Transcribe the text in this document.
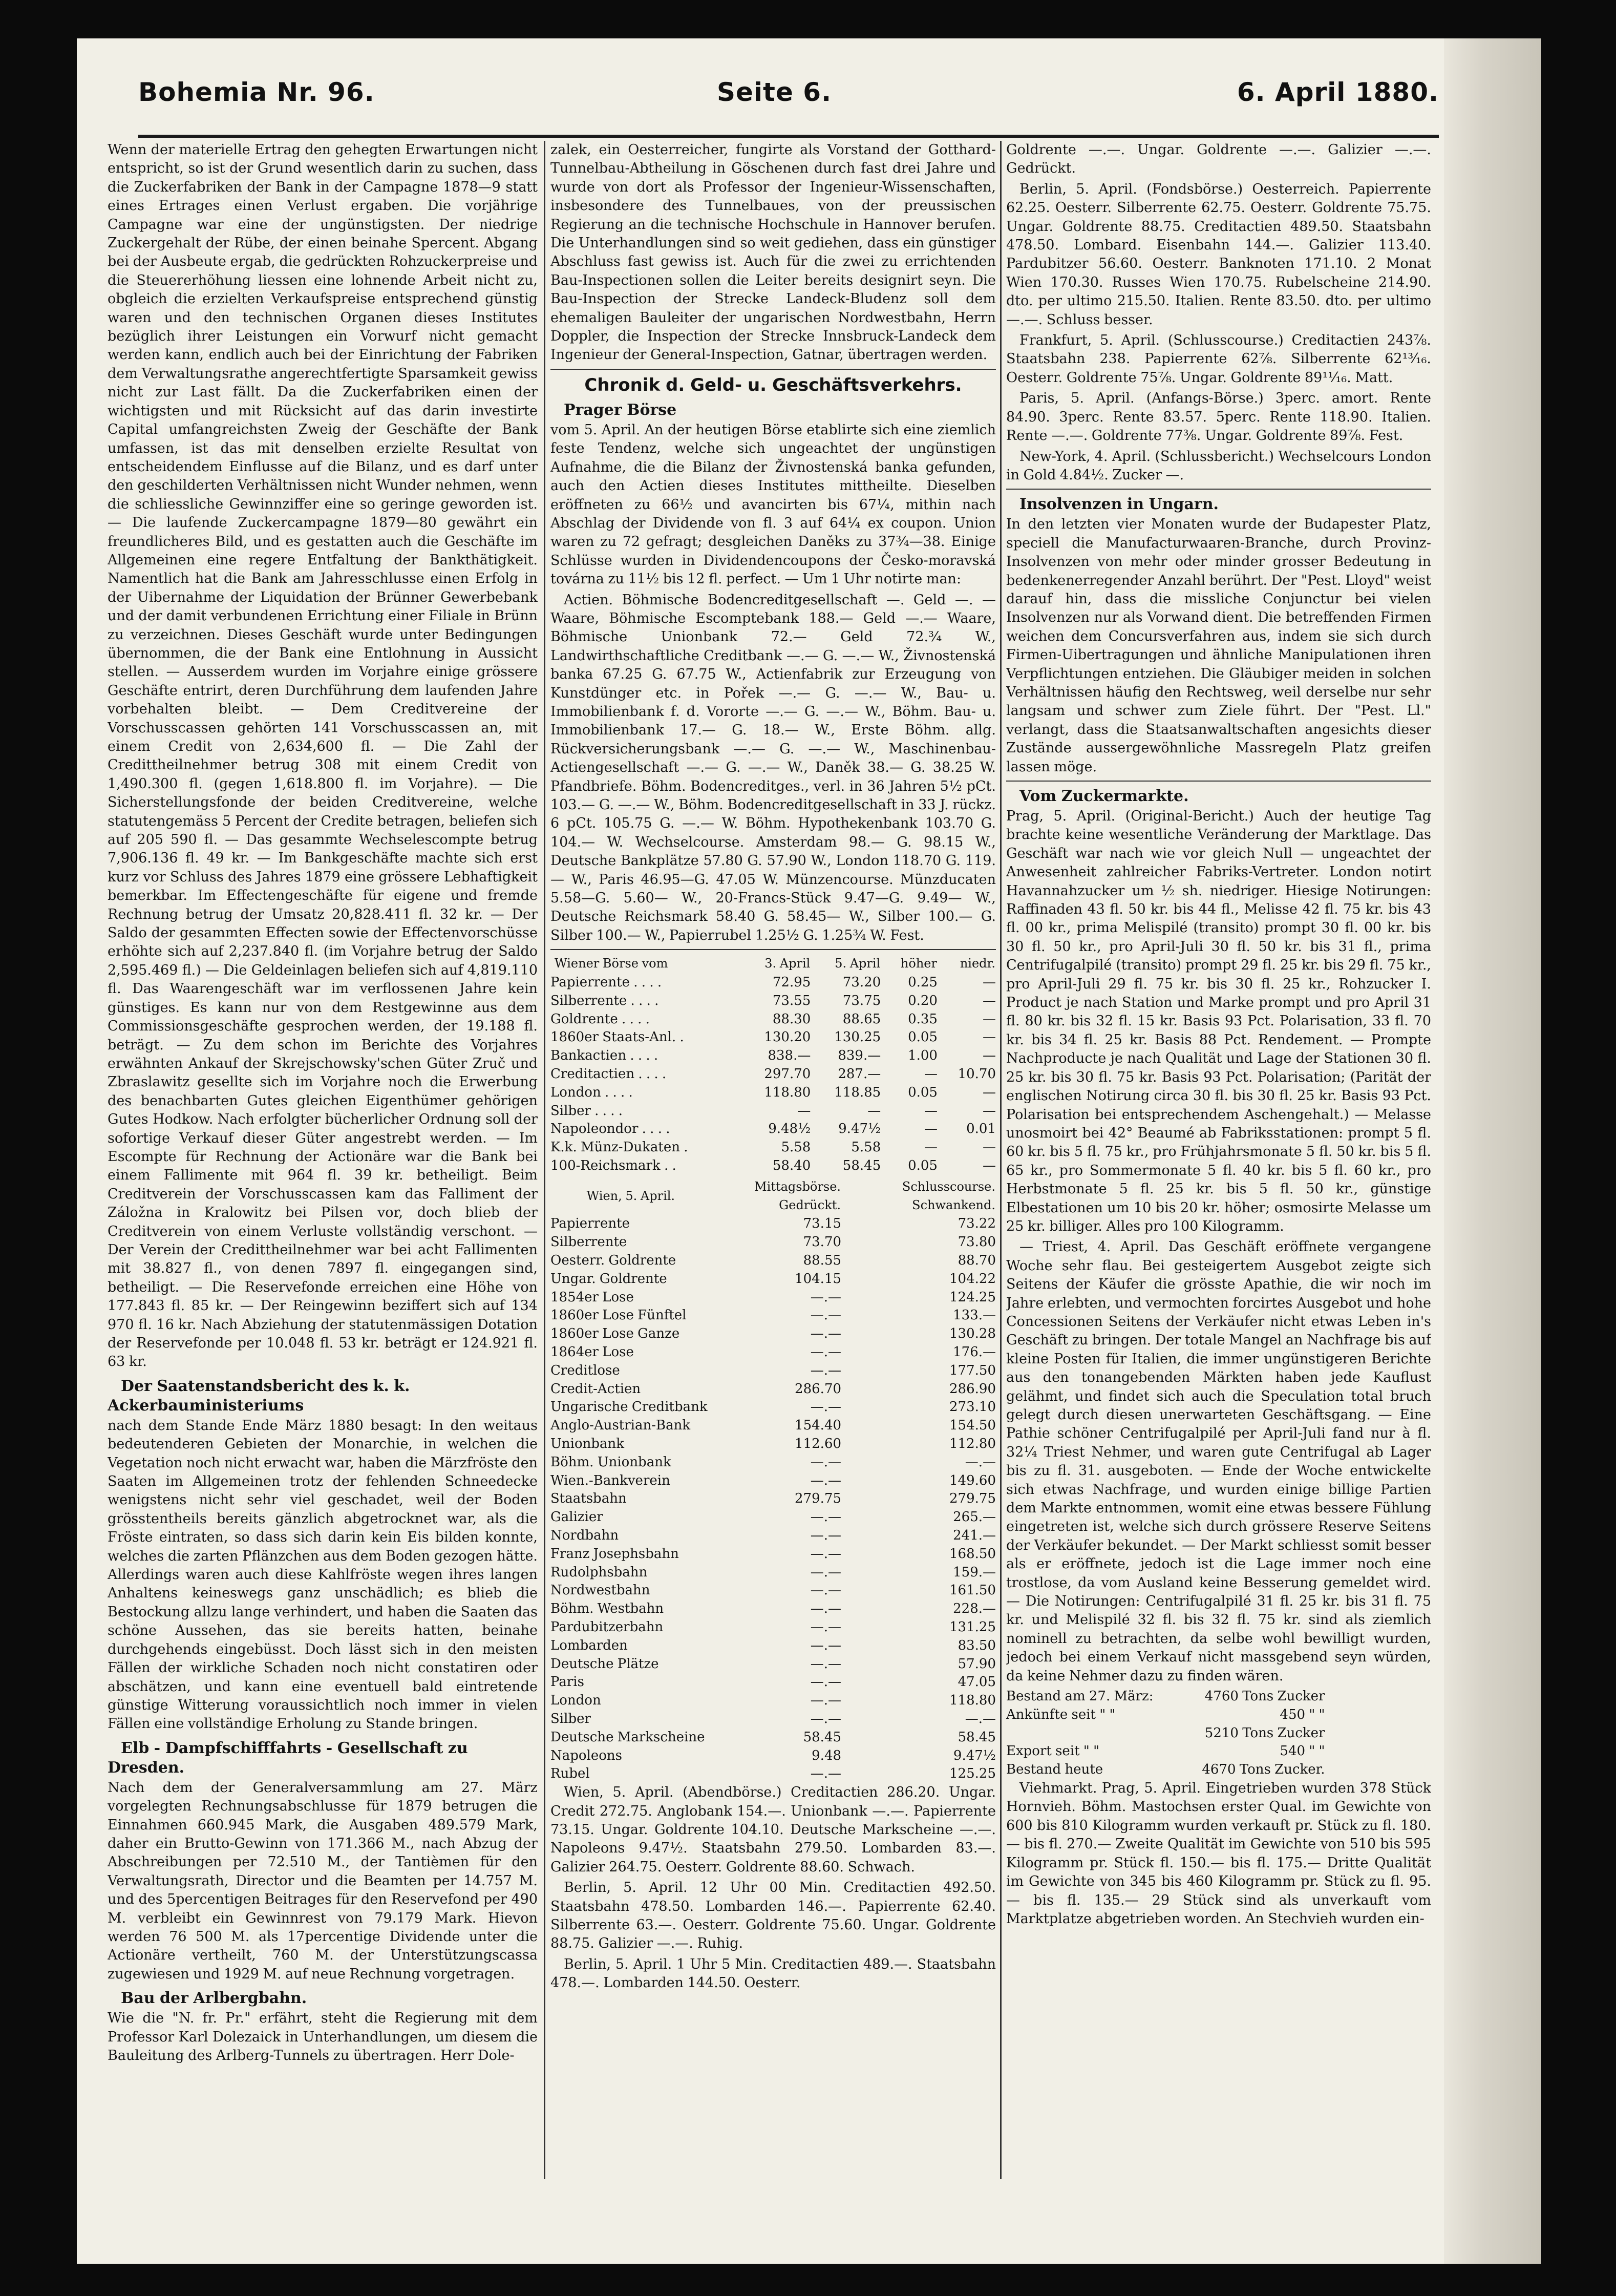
Bohemia Nr. 96.	Seite 6.	6. April 1880.

Wenn der materielle Ertrag den gehegten Erwartungen nicht entspricht, so ist der Grund wesentlich darin zu suchen, dass die Zuckerfabriken der Bank in der Campagne 1878—9 statt eines Ertrages einen Verlust ergaben. Die vorjährige Campagne war eine der ungünstigsten. Der niedrige Zuckergehalt der Rübe, der einen beinahe Spercent. Abgang bei der Ausbeute ergab, die gedrückten Rohzuckerpreise und die Steuererhöhung liessen eine lohnende Arbeit nicht zu, obgleich die erzielten Verkaufspreise entsprechend günstig waren und den technischen Organen dieses Institutes bezüglich ihrer Leistungen ein Vorwurf nicht gemacht werden kann, endlich auch bei der Einrichtung der Fabriken dem Verwaltungsrathe angerechtfertigte Sparsamkeit gewiss nicht zur Last fällt. Da die Zuckerfabriken einen der wichtigsten und mit Rücksicht auf das darin investirte Capital umfangreichsten Zweig der Geschäfte der Bank umfassen, ist das mit denselben erzielte Resultat von entscheidendem Einflusse auf die Bilanz, und es darf unter den geschilderten Verhältnissen nicht Wunder nehmen, wenn die schliessliche Gewinnziffer eine so geringe geworden ist. — Die laufende Zuckercampagne 1879—80 gewährt ein freundlicheres Bild, und es gestatten auch die Geschäfte im Allgemeinen eine regere Entfaltung der Bankthätigkeit. Namentlich hat die Bank am Jahresschlusse einen Erfolg in der Uibernahme der Liquidation der Brünner Gewerbebank und der damit verbundenen Errichtung einer Filiale in Brünn zu verzeichnen. Dieses Geschäft wurde unter Bedingungen übernommen, die der Bank eine Entlohnung in Aussicht stellen. — Ausserdem wurden im Vorjahre einige grössere Geschäfte entrirt, deren Durchführung dem laufenden Jahre vorbehalten bleibt. — Dem Creditvereine der Vorschusscassen gehörten 141 Vorschusscassen an, mit einem Credit von 2,634,600 fl. — Die Zahl der Credittheilnehmer betrug 308 mit einem Credit von 1,490.300 fl. (gegen 1,618.800 fl. im Vorjahre). — Die Sicherstellungsfonde der beiden Creditvereine, welche statutengemäss 5 Percent der Credite betragen, beliefen sich auf 205 590 fl. — Das gesammte Wechselescompte betrug 7,906.136 fl. 49 kr. — Im Bankgeschäfte machte sich erst kurz vor Schluss des Jahres 1879 eine grössere Lebhaftigkeit bemerkbar. Im Effectengeschäfte für eigene und fremde Rechnung betrug der Umsatz 20,828.411 fl. 32 kr. — Der Saldo der gesammten Effecten sowie der Effectenvorschüsse erhöhte sich auf 2,237.840 fl. (im Vorjahre betrug der Saldo 2,595.469 fl.) — Die Geldeinlagen beliefen sich auf 4,819.110 fl. Das Waarengeschäft war im verflossenen Jahre kein günstiges. Es kann nur von dem Restgewinne aus dem Commissionsgeschäfte gesprochen werden, der 19.188 fl. beträgt. — Zu dem schon im Berichte des Vorjahres erwähnten Ankauf der Skrejschowsky'schen Güter Zruč und Zbraslawitz gesellte sich im Vorjahre noch die Erwerbung des benachbarten Gutes gleichen Eigenthümer gehörigen Gutes Hodkow. Nach erfolgter bücherlicher Ordnung soll der sofortige Verkauf dieser Güter angestrebt werden. — Im Escompte für Rechnung der Actionäre war die Bank bei einem Fallimente mit 964 fl. 39 kr. betheiligt. Beim Creditverein der Vorschusscassen kam das Falliment der Záložna in Kralowitz bei Pilsen vor, doch blieb der Creditverein von einem Verluste vollständig verschont. — Der Verein der Credittheilnehmer war bei acht Fallimenten mit 38.827 fl., von denen 7897 fl. eingegangen sind, betheiligt. — Die Reservefonde erreichen eine Höhe von 177.843 fl. 85 kr. — Der Reingewinn beziffert sich auf 134 970 fl. 16 kr. Nach Abziehung der statutenmässigen Dotation der Reservefonde per 10.048 fl. 53 kr. beträgt er 124.921 fl. 63 kr.

Der Saatenstandsbericht des k. k. Ackerbauministeriums

nach dem Stande Ende März 1880 besagt: In den weitaus bedeutenderen Gebieten der Monarchie, in welchen die Vegetation noch nicht erwacht war, haben die Märzfröste den Saaten im Allgemeinen trotz der fehlenden Schneedecke wenigstens nicht sehr viel geschadet, weil der Boden grösstentheils bereits gänzlich abgetrocknet war, als die Fröste eintraten, so dass sich darin kein Eis bilden konnte, welches die zarten Pflänzchen aus dem Boden gezogen hätte. Allerdings waren auch diese Kahlfröste wegen ihres langen Anhaltens keineswegs ganz unschädlich; es blieb die Bestockung allzu lange verhindert, und haben die Saaten das schöne Aussehen, das sie bereits hatten, beinahe durchgehends eingebüsst. Doch lässt sich in den meisten Fällen der wirkliche Schaden noch nicht constatiren oder abschätzen, und kann eine eventuell bald eintretende günstige Witterung voraussichtlich noch immer in vielen Fällen eine vollständige Erholung zu Stande bringen.

Elb - Dampfschifffahrts - Gesellschaft zu Dresden.

Nach dem der Generalversammlung am 27. März vorgelegten Rechnungsabschlusse für 1879 betrugen die Einnahmen 660.945 Mark, die Ausgaben 489.579 Mark, daher ein Brutto-Gewinn von 171.366 M., nach Abzug der Abschreibungen per 72.510 M., der Tantièmen für den Verwaltungsrath, Director und die Beamten per 14.757 M. und des 5percentigen Beitrages für den Reservefond per 490 M. verbleibt ein Gewinnrest von 79.179 Mark. Hievon werden 76 500 M. als 17percentige Dividende unter die Actionäre vertheilt, 760 M. der Unterstützungscassa zugewiesen und 1929 M. auf neue Rechnung vorgetragen.

Bau der Arlbergbahn.

Wie die "N. fr. Pr." erfährt, steht die Regierung mit dem Professor Karl Dolezaick in Unterhandlungen, um diesem die Bauleitung des Arlberg-Tunnels zu übertragen. Herr Dole-

zalek, ein Oesterreicher, fungirte als Vorstand der Gotthard-Tunnelbau-Abtheilung in Göschenen durch fast drei Jahre und wurde von dort als Professor der Ingenieur-Wissenschaften, insbesondere des Tunnelbaues, von der preussischen Regierung an die technische Hochschule in Hannover berufen. Die Unterhandlungen sind so weit gediehen, dass ein günstiger Abschluss fast gewiss ist. Auch für die zwei zu errichtenden Bau-Inspectionen sollen die Leiter bereits designirt seyn. Die Bau-Inspection der Strecke Landeck-Bludenz soll dem ehemaligen Bauleiter der ungarischen Nordwestbahn, Herrn Doppler, die Inspection der Strecke Innsbruck-Landeck dem Ingenieur der General-Inspection, Gatnar, übertragen werden.

Chronik d. Geld- u. Geschäftsverkehrs.
Prager Börse

vom 5. April. An der heutigen Börse etablirte sich eine ziemlich feste Tendenz, welche sich ungeachtet der ungünstigen Aufnahme, die die Bilanz der Živnostenská banka gefunden, auch den Actien dieses Institutes mittheilte. Dieselben eröffneten zu 66½ und avancirten bis 67¼, mithin nach Abschlag der Dividende von fl. 3 auf 64¼ ex coupon. Union waren zu 72 gefragt; desgleichen Daněks zu 37¾—38. Einige Schlüsse wurden in Dividendencoupons der Česko-moravská továrna zu 11½ bis 12 fl. perfect. — Um 1 Uhr notirte man:

Actien. Böhmische Bodencreditgesellschaft —. Geld —. — Waare, Böhmische Escomptebank 188.— Geld —.— Waare, Böhmische Unionbank 72.— Geld 72.¾ W., Landwirthschaftliche Creditbank —.— G. —.— W., Živnostenská banka 67.25 G. 67.75 W., Actienfabrik zur Erzeugung von Kunstdünger etc. in Pořek —.— G. —.— W., Bau- u. Immobilienbank f. d. Vororte —.— G. —.— W., Böhm. Bau- u. Immobilienbank 17.— G. 18.— W., Erste Böhm. allg. Rückversicherungsbank —.— G. —.— W., Maschinenbau-Actiengesellschaft —.— G. —.— W., Daněk 38.— G. 38.25 W. Pfandbriefe. Böhm. Bodencreditges., verl. in 36 Jahren 5½ pCt. 103.— G. —.— W., Böhm. Bodencreditgesellschaft in 33 J. rückz. 6 pCt. 105.75 G. —.— W. Böhm. Hypothekenbank 103.70 G. 104.— W. Wechselcourse. Amsterdam 98.— G. 98.15 W., Deutsche Bankplätze 57.80 G. 57.90 W., London 118.70 G. 119.— W., Paris 46.95—G. 47.05 W. Münzencourse. Münzducaten 5.58—G. 5.60— W., 20-Francs-Stück 9.47—G. 9.49— W., Deutsche Reichsmark 58.40 G. 58.45— W., Silber 100.— G. Silber 100.— W., Papierrubel 1.25½ G. 1.25¾ W. Fest.

Wiener Börse vom	3. April	5. April	höher	niedr.
Papierrente . . . .	72.95	73.20	0.25	—
Silberrente . . . .	73.55	73.75	0.20	—
Goldrente . . . .	88.30	88.65	0.35	—
1860er Staats-Anl. .	130.20	130.25	0.05	—
Bankactien . . . .	838.—	839.—	1.00	—
Creditactien . . . .	297.70	287.—	—	10.70
London . . . .	118.80	118.85	0.05	—
Silber . . . .	—	—	—	—
Napoleondor . . . .	9.48½	9.47½	—	0.01
K.k. Münz-Dukaten .	5.58	5.58	—	—
100-Reichsmark . .	58.40	58.45	0.05	—
Wien, 5. April.	Mittagsbörse. Gedrückt.	Schlusscourse. Schwankend.
Papierrente	73.15	73.22
Silberrente	73.70	73.80
Oesterr. Goldrente	88.55	88.70
Ungar. Goldrente	104.15	104.22
1854er Lose	—.—	124.25
1860er Lose Fünftel	—.—	133.—
1860er Lose Ganze	—.—	130.28
1864er Lose	—.—	176.—
Creditlose	—.—	177.50
Credit-Actien	286.70	286.90
Ungarische Creditbank	—.—	273.10
Anglo-Austrian-Bank	154.40	154.50
Unionbank	112.60	112.80
Böhm. Unionbank	—.—	—.—
Wien.-Bankverein	—.—	149.60
Staatsbahn	279.75	279.75
Galizier	—.—	265.—
Nordbahn	—.—	241.—
Franz Josephsbahn	—.—	168.50
Rudolphsbahn	—.—	159.—
Nordwestbahn	—.—	161.50
Böhm. Westbahn	—.—	228.—
Pardubitzerbahn	—.—	131.25
Lombarden	—.—	83.50
Deutsche Plätze	—.—	57.90
Paris	—.—	47.05
London	—.—	118.80
Silber	—.—	—.—
Deutsche Markscheine	58.45	58.45
Napoleons	9.48	9.47½
Rubel	—.—	125.25

Wien, 5. April. (Abendbörse.) Creditactien 286.20. Ungar. Credit 272.75. Anglobank 154.—. Unionbank —.—. Papierrente 73.15. Ungar. Goldrente 104.10. Deutsche Markscheine —.—. Napoleons 9.47½. Staatsbahn 279.50. Lombarden 83.—. Galizier 264.75. Oesterr. Goldrente 88.60. Schwach.

Berlin, 5. April. 12 Uhr 00 Min. Creditactien 492.50. Staatsbahn 478.50. Lombarden 146.—. Papierrente 62.40. Silberrente 63.—. Oesterr. Goldrente 75.60. Ungar. Goldrente 88.75. Galizier —.—. Ruhig.

Berlin, 5. April. 1 Uhr 5 Min. Creditactien 489.—. Staatsbahn 478.—. Lombarden 144.50. Oesterr.

Goldrente —.—. Ungar. Goldrente —.—. Galizier —.—. Gedrückt.

Berlin, 5. April. (Fondsbörse.) Oesterreich. Papierrente 62.25. Oesterr. Silberrente 62.75. Oesterr. Goldrente 75.75. Ungar. Goldrente 88.75. Creditactien 489.50. Staatsbahn 478.50. Lombard. Eisenbahn 144.—. Galizier 113.40. Pardubitzer 56.60. Oesterr. Banknoten 171.10. 2 Monat Wien 170.30. Russes Wien 170.75. Rubelscheine 214.90. dto. per ultimo 215.50. Italien. Rente 83.50. dto. per ultimo —.—. Schluss besser.

Frankfurt, 5. April. (Schlusscourse.) Creditactien 243⅞. Staatsbahn 238. Papierrente 62⅞. Silberrente 62¹³⁄₁₆. Oesterr. Goldrente 75⅞. Ungar. Goldrente 89¹¹⁄₁₆. Matt.

Paris, 5. April. (Anfangs-Börse.) 3perc. amort. Rente 84.90. 3perc. Rente 83.57. 5perc. Rente 118.90. Italien. Rente —.—. Goldrente 77⅜. Ungar. Goldrente 89⅞. Fest.

New-York, 4. April. (Schlussbericht.) Wechselcours London in Gold 4.84½. Zucker —.

Insolvenzen in Ungarn.

In den letzten vier Monaten wurde der Budapester Platz, speciell die Manufacturwaaren-Branche, durch Provinz-Insolvenzen von mehr oder minder grosser Bedeutung in bedenkenerregender Anzahl berührt. Der "Pest. Lloyd" weist darauf hin, dass die missliche Conjunctur bei vielen Insolvenzen nur als Vorwand dient. Die betreffenden Firmen weichen dem Concursverfahren aus, indem sie sich durch Firmen-Uibertragungen und ähnliche Manipulationen ihren Verpflichtungen entziehen. Die Gläubiger meiden in solchen Verhältnissen häufig den Rechtsweg, weil derselbe nur sehr langsam und schwer zum Ziele führt. Der "Pest. Ll." verlangt, dass die Staatsanwaltschaften angesichts dieser Zustände aussergewöhnliche Massregeln Platz greifen lassen möge.

Vom Zuckermarkte.

Prag, 5. April. (Original-Bericht.) Auch der heutige Tag brachte keine wesentliche Veränderung der Marktlage. Das Geschäft war nach wie vor gleich Null — ungeachtet der Anwesenheit zahlreicher Fabriks-Vertreter. London notirt Havannahzucker um ½ sh. niedriger. Hiesige Notirungen: Raffinaden 43 fl. 50 kr. bis 44 fl., Melisse 42 fl. 75 kr. bis 43 fl. 00 kr., prima Melispilé (transito) prompt 30 fl. 00 kr. bis 30 fl. 50 kr., pro April-Juli 30 fl. 50 kr. bis 31 fl., prima Centrifugalpilé (transito) prompt 29 fl. 25 kr. bis 29 fl. 75 kr., pro April-Juli 29 fl. 75 kr. bis 30 fl. 25 kr., Rohzucker I. Product je nach Station und Marke prompt und pro April 31 fl. 80 kr. bis 32 fl. 15 kr. Basis 93 Pct. Polarisation, 33 fl. 70 kr. bis 34 fl. 25 kr. Basis 88 Pct. Rendement. — Prompte Nachproducte je nach Qualität und Lage der Stationen 30 fl. 25 kr. bis 30 fl. 75 kr. Basis 93 Pct. Polarisation; (Parität der englischen Notirung circa 30 fl. bis 30 fl. 25 kr. Basis 93 Pct. Polarisation bei entsprechendem Aschengehalt.) — Melasse unosmoirt bei 42° Beaumé ab Fabriksstationen: prompt 5 fl. 60 kr. bis 5 fl. 75 kr., pro Frühjahrsmonate 5 fl. 50 kr. bis 5 fl. 65 kr., pro Sommermonate 5 fl. 40 kr. bis 5 fl. 60 kr., pro Herbstmonate 5 fl. 25 kr. bis 5 fl. 50 kr., günstige Elbestationen um 10 bis 20 kr. höher; osmosirte Melasse um 25 kr. billiger. Alles pro 100 Kilogramm.

— Triest, 4. April. Das Geschäft eröffnete vergangene Woche sehr flau. Bei gesteigertem Ausgebot zeigte sich Seitens der Käufer die grösste Apathie, die wir noch im Jahre erlebten, und vermochten forcirtes Ausgebot und hohe Concessionen Seitens der Verkäufer nicht etwas Leben in's Geschäft zu bringen. Der totale Mangel an Nachfrage bis auf kleine Posten für Italien, die immer ungünstigeren Berichte aus den tonangebenden Märkten haben jede Kauflust gelähmt, und findet sich auch die Speculation total bruch gelegt durch diesen unerwarteten Geschäftsgang. — Eine Pathie schöner Centrifugalpilé per April-Juli fand nur à fl. 32¼ Triest Nehmer, und waren gute Centrifugal ab Lager bis zu fl. 31. ausgeboten. — Ende der Woche entwickelte sich etwas Nachfrage, und wurden einige billige Partien dem Markte entnommen, womit eine etwas bessere Fühlung eingetreten ist, welche sich durch grössere Reserve Seitens der Verkäufer bekundet. — Der Markt schliesst somit besser als er eröffnete, jedoch ist die Lage immer noch eine trostlose, da vom Ausland keine Besserung gemeldet wird. — Die Notirungen: Centrifugalpilé 31 fl. 25 kr. bis 31 fl. 75 kr. und Melispilé 32 fl. bis 32 fl. 75 kr. sind als ziemlich nominell zu betrachten, da selbe wohl bewilligt wurden, jedoch bei einem Verkauf nicht massgebend seyn würden, da keine Nehmer dazu zu finden wären.

Bestand am 27. März:	4760 Tons Zucker
Ankünfte seit " "	450 " "
	5210 Tons Zucker
Export seit " "	540 " "
Bestand heute	4670 Tons Zucker.

Viehmarkt. Prag, 5. April. Eingetrieben wurden 378 Stück Hornvieh. Böhm. Mastochsen erster Qual. im Gewichte von 600 bis 810 Kilogramm wurden verkauft pr. Stück zu fl. 180.— bis fl. 270.— Zweite Qualität im Gewichte von 510 bis 595 Kilogramm pr. Stück fl. 150.— bis fl. 175.— Dritte Qualität im Gewichte von 345 bis 460 Kilogramm pr. Stück zu fl. 95.— bis fl. 135.— 29 Stück sind als unverkauft vom Marktplatze abgetrieben worden. An Stechvieh wurden ein-
